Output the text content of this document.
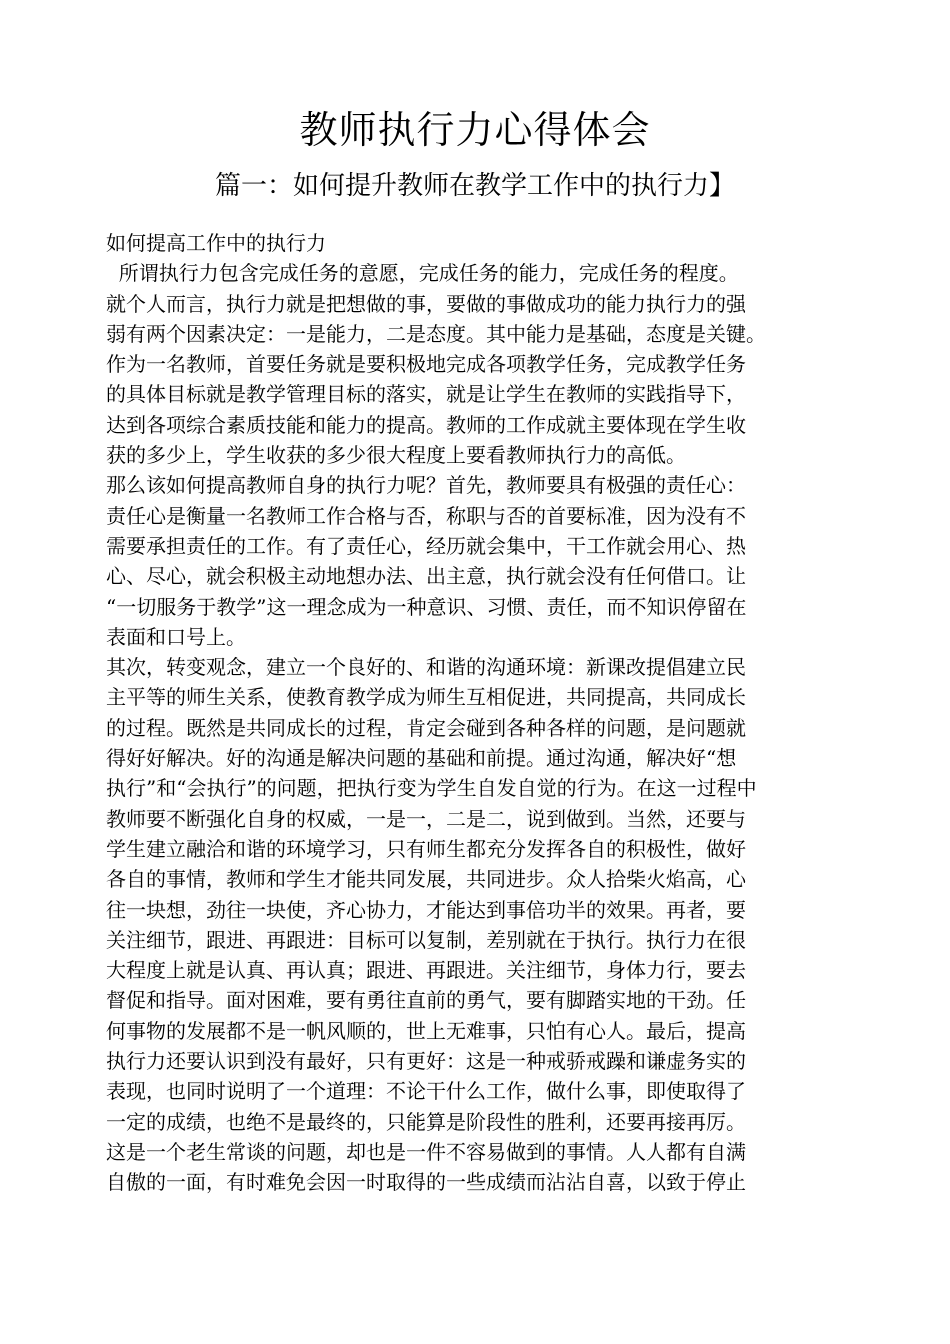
教师执行力心得体会
篇一：如何提升教师在教学工作中的执行力】
如何提高工作中的执行力
所谓执行力包含完成任务的意愿，完成任务的能力，完成任务的程度。
就个人而言，执行力就是把想做的事，要做的事做成功的能力执行力的强
弱有两个因素决定：一是能力，二是态度。其中能力是基础，态度是关键。
作为一名教师，首要任务就是要积极地完成各项教学任务，完成教学任务
的具体目标就是教学管理目标的落实，就是让学生在教师的实践指导下，
达到各项综合素质技能和能力的提高。教师的工作成就主要体现在学生收
获的多少上，学生收获的多少很大程度上要看教师执行力的高低。
那么该如何提高教师自身的执行力呢？首先，教师要具有极强的责任心：
责任心是衡量一名教师工作合格与否，称职与否的首要标准，因为没有不
需要承担责任的工作。有了责任心，经历就会集中，干工作就会用心、热
心、尽心，就会积极主动地想办法、出主意，执行就会没有任何借口。让
“一切服务于教学”这一理念成为一种意识、习惯、责任，而不知识停留在
表面和口号上。
其次，转变观念，建立一个良好的、和谐的沟通环境：新课改提倡建立民
主平等的师生关系，使教育教学成为师生互相促进，共同提高，共同成长
的过程。既然是共同成长的过程，肯定会碰到各种各样的问题，是问题就
得好好解决。好的沟通是解决问题的基础和前提。通过沟通，解决好“想
执行”和“会执行”的问题，把执行变为学生自发自觉的行为。在这一过程中
教师要不断强化自身的权威，一是一，二是二，说到做到。当然，还要与
学生建立融洽和谐的环境学习，只有师生都充分发挥各自的积极性，做好
各自的事情，教师和学生才能共同发展，共同进步。众人拾柴火焰高，心
往一块想，劲往一块使，齐心协力，才能达到事倍功半的效果。再者，要
关注细节，跟进、再跟进：目标可以复制，差别就在于执行。执行力在很
大程度上就是认真、再认真；跟进、再跟进。关注细节，身体力行，要去
督促和指导。面对困难，要有勇往直前的勇气，要有脚踏实地的干劲。任
何事物的发展都不是一帆风顺的，世上无难事，只怕有心人。最后，提高
执行力还要认识到没有最好，只有更好：这是一种戒骄戒躁和谦虚务实的
表现，也同时说明了一个道理：不论干什么工作，做什么事，即使取得了
一定的成绩，也绝不是最终的，只能算是阶段性的胜利，还要再接再厉。
这是一个老生常谈的问题，却也是一件不容易做到的事情。人人都有自满
自傲的一面，有时难免会因一时取得的一些成绩而沾沾自喜，以致于停止
